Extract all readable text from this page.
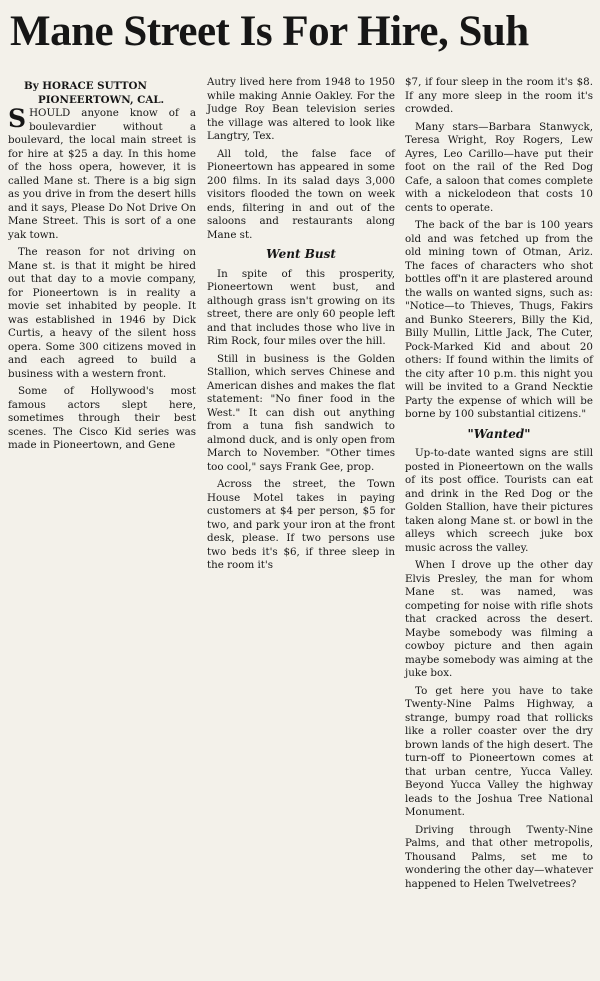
Mane Street Is For Hire, Suh
By HORACE SUTTON
PIONEERTOWN, CAL.

SHOULD anyone know of a boulevardier without a boulevard, the local main street is for hire at $25 a day. In this home of the hoss opera, however, it is called Mane st. There is a big sign as you drive in from the desert hills and it says, Please Do Not Drive On Mane Street. This is sort of a one yak town.

The reason for not driving on Mane st. is that it might be hired out that day to a movie company, for Pioneertown is in reality a movie set inhabited by people. It was established in 1946 by Dick Curtis, a heavy of the silent hoss opera. Some 300 citizens moved in and each agreed to build a business with a western front.

Some of Hollywood's most famous actors slept here, sometimes through their best scenes. The Cisco Kid series was made in Pioneertown, and Gene

Autry lived here from 1948 to 1950 while making Annie Oakley. For the Judge Roy Bean television series the village was altered to look like Langtry, Tex.

All told, the false face of Pioneertown has appeared in some 200 films. In its salad days 3,000 visitors flooded the town on week ends, filtering in and out of the saloons and restaurants along Mane st.

Went Bust

In spite of this prosperity, Pioneertown went bust, and although grass isn't growing on its street, there are only 60 people left and that includes those who live in Rim Rock, four miles over the hill.

Still in business is the Golden Stallion, which serves Chinese and American dishes and makes the flat statement: "No finer food in the West." It can dish out anything from a tuna fish sandwich to almond duck, and is only open from March to November. "Other times too cool," says Frank Gee, prop.

Across the street, the Town House Motel takes in paying customers at $4 per person, $5 for two, and park your iron at the front desk, please. If two persons use two beds it's $6, if three sleep in the room it's

$7, if four sleep in the room it's $8. If any more sleep in the room it's crowded.

Many stars—Barbara Stanwyck, Teresa Wright, Roy Rogers, Lew Ayres, Leo Carillo—have put their foot on the rail of the Red Dog Cafe, a saloon that comes complete with a nickelodeon that costs 10 cents to operate.

The back of the bar is 100 years old and was fetched up from the old mining town of Otman, Ariz. The faces of characters who shot bottles off'n it are plastered around the walls on wanted signs, such as: "Notice—to Thieves, Thugs, Fakirs and Bunko Steerers, Billy the Kid, Billy Mullin, Little Jack, The Cuter, Pock-Marked Kid and about 20 others: If found within the limits of the city after 10 p.m. this night you will be invited to a Grand Necktie Party the expense of which will be borne by 100 substantial citizens."

"Wanted"

Up-to-date wanted signs are still posted in Pioneertown on the walls of its post office. Tourists can eat and drink in the Red Dog or the Golden Stallion, have their pictures taken along Mane st. or bowl in the alleys which screech juke box music across the valley.

When I drove up the other day Elvis Presley, the man for whom Mane st. was named, was competing for noise with rifle shots that cracked across the desert. Maybe somebody was filming a cowboy picture and then again maybe somebody was aiming at the juke box.

To get here you have to take Twenty-Nine Palms Highway, a strange, bumpy road that rollicks like a roller coaster over the dry brown lands of the high desert. The turn-off to Pioneertown comes at that urban centre, Yucca Valley. Beyond Yucca Valley the highway leads to the Joshua Tree National Monument.

Driving through Twenty-Nine Palms, and that other metropolis, Thousand Palms, set me to wondering the other day—whatever happened to Helen Twelvetrees?
